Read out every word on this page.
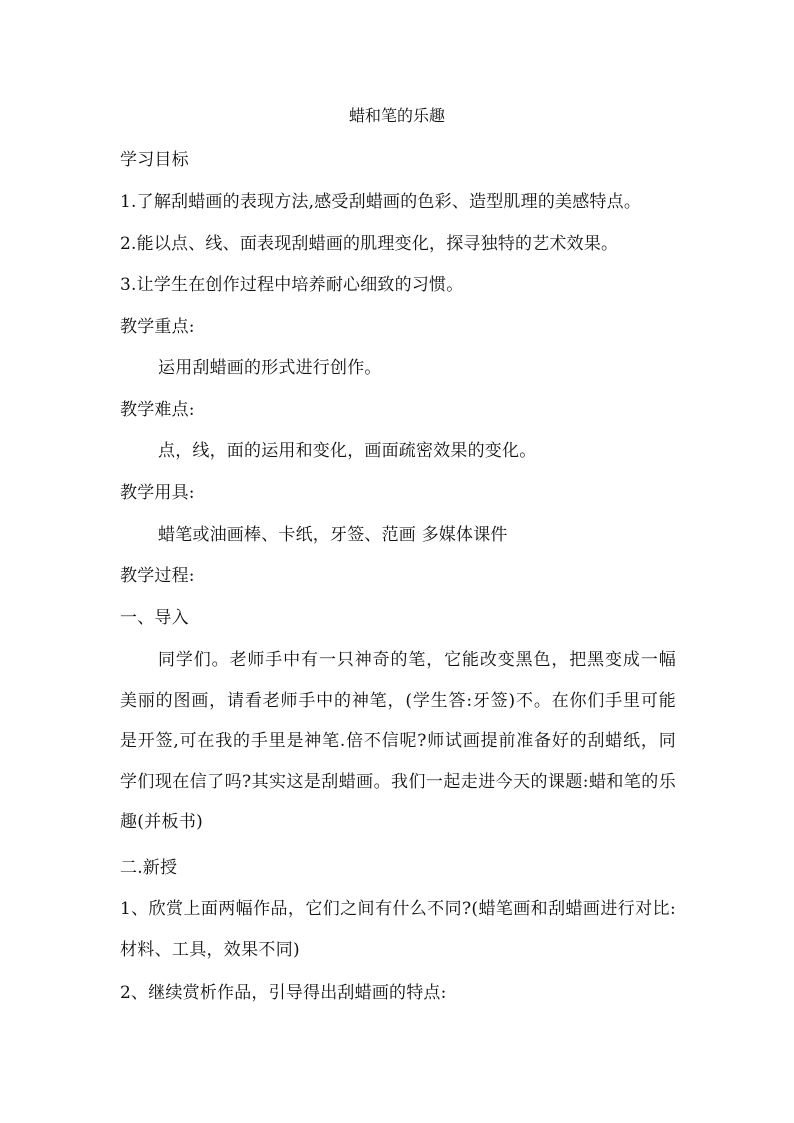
蜡和笔的乐趣
学习目标
1.了解刮蜡画的表现方法,感受刮蜡画的色彩、造型肌理的美感特点。
2.能以点、线、面表现刮蜡画的肌理变化，探寻独特的艺术效果。
3.让学生在创作过程中培养耐心细致的习惯。
教学重点:
运用刮蜡画的形式进行创作。
教学难点:
点，线，面的运用和变化，画面疏密效果的变化。
教学用具:
蜡笔或油画棒、卡纸，牙签、范画 多媒体课件
教学过程:
一、导入
同学们。老师手中有一只神奇的笔，它能改变黑色，把黑变成一幅美丽的图画，请看老师手中的神笔，(学生答:牙签)不。在你们手里可能是开签,可在我的手里是神笔.倍不信呢?师试画提前准备好的刮蜡纸，同学们现在信了吗?其实这是刮蜡画。我们一起走进今天的课题:蜡和笔的乐趣(并板书)
二.新授
1、欣赏上面两幅作品，它们之间有什么不同?(蜡笔画和刮蜡画进行对比:材料、工具，效果不同)
2、继续赏析作品，引导得出刮蜡画的特点:
